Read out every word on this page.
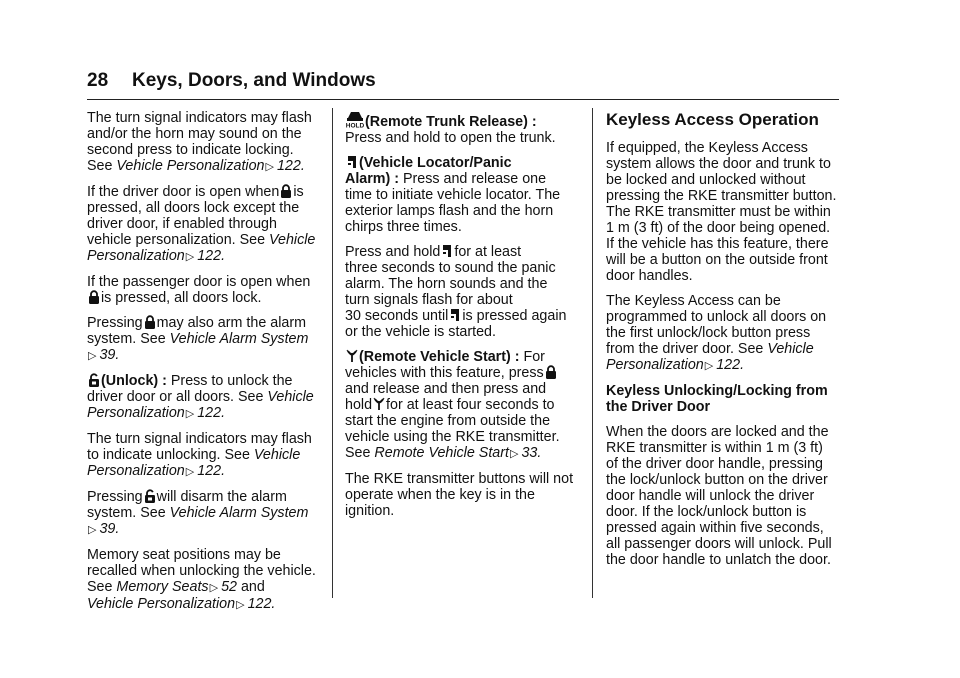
28 Keys, Doors, and Windows

The turn signal indicators may flash
and/or the horn may sound on the
second press to indicate locking.
See Vehicle Personalization▷ 122.

If the driver door is open when is
pressed, all doors lock except the
driver door, if enabled through
vehicle personalization. See Vehicle
Personalization▷ 122.

If the passenger door is open when
is pressed, all doors lock.

Pressing may also arm the alarm
system. See Vehicle Alarm System
▷ 39.

(Unlock) : Press to unlock the
driver door or all doors. See Vehicle
Personalization▷ 122.

The turn signal indicators may flash
to indicate unlocking. See Vehicle
Personalization▷ 122.

Pressing will disarm the alarm
system. See Vehicle Alarm System
▷ 39.

Memory seat positions may be
recalled when unlocking the vehicle.
See Memory Seats▷ 52 and
Vehicle Personalization▷ 122.

(Remote Trunk Release) :
Press and hold to open the trunk.

(Vehicle Locator/Panic
Alarm) : Press and release one
time to initiate vehicle locator. The
exterior lamps flash and the horn
chirps three times.

Press and hold for at least
three seconds to sound the panic
alarm. The horn sounds and the
turn signals flash for about
30 seconds until is pressed again
or the vehicle is started.

(Remote Vehicle Start) : For
vehicles with this feature, press
and release and then press and
hold for at least four seconds to
start the engine from outside the
vehicle using the RKE transmitter.
See Remote Vehicle Start▷ 33.

The RKE transmitter buttons will not
operate when the key is in the
ignition.

Keyless Access Operation

If equipped, the Keyless Access
system allows the door and trunk to
be locked and unlocked without
pressing the RKE transmitter button.
The RKE transmitter must be within
1 m (3 ft) of the door being opened.
If the vehicle has this feature, there
will be a button on the outside front
door handles.

The Keyless Access can be
programmed to unlock all doors on
the first unlock/lock button press
from the driver door. See Vehicle
Personalization▷ 122.

Keyless Unlocking/Locking from
the Driver Door

When the doors are locked and the
RKE transmitter is within 1 m (3 ft)
of the driver door handle, pressing
the lock/unlock button on the driver
door handle will unlock the driver
door. If the lock/unlock button is
pressed again within five seconds,
all passenger doors will unlock. Pull
the door handle to unlatch the door.
